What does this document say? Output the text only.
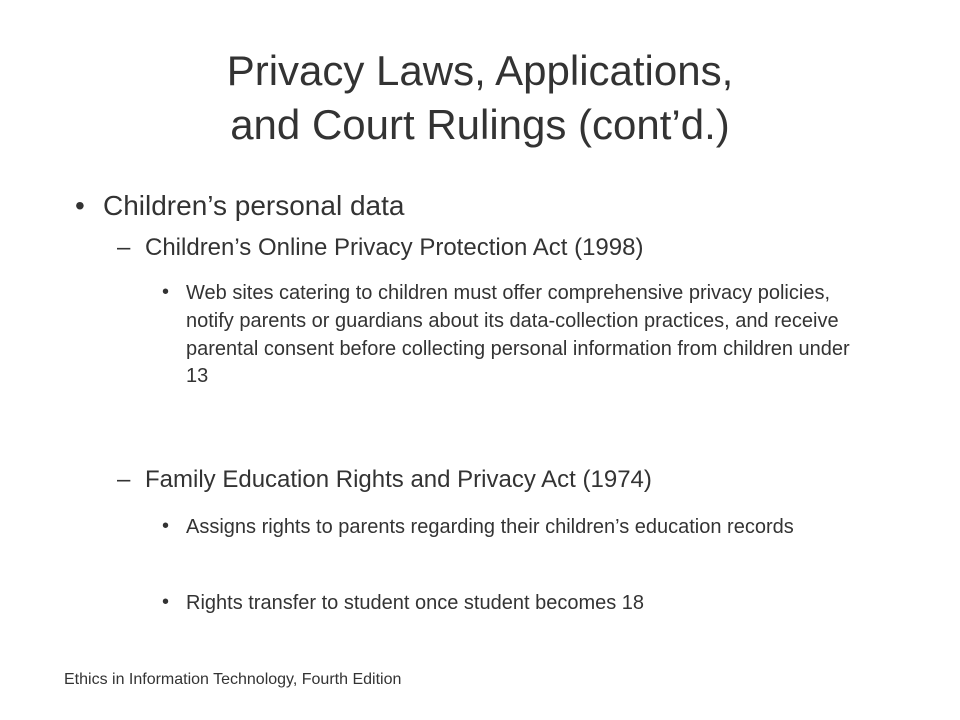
Privacy Laws, Applications,
and Court Rulings (cont’d.)
• Children’s personal data
– Children’s Online Privacy Protection Act (1998)
• Web sites catering to children must offer comprehensive privacy policies, notify parents or guardians about its data-collection practices, and receive parental consent before collecting personal information from children under 13
– Family Education Rights and Privacy Act (1974)
• Assigns rights to parents regarding their children’s education records
• Rights transfer to student once student becomes 18
Ethics in Information Technology, Fourth Edition
